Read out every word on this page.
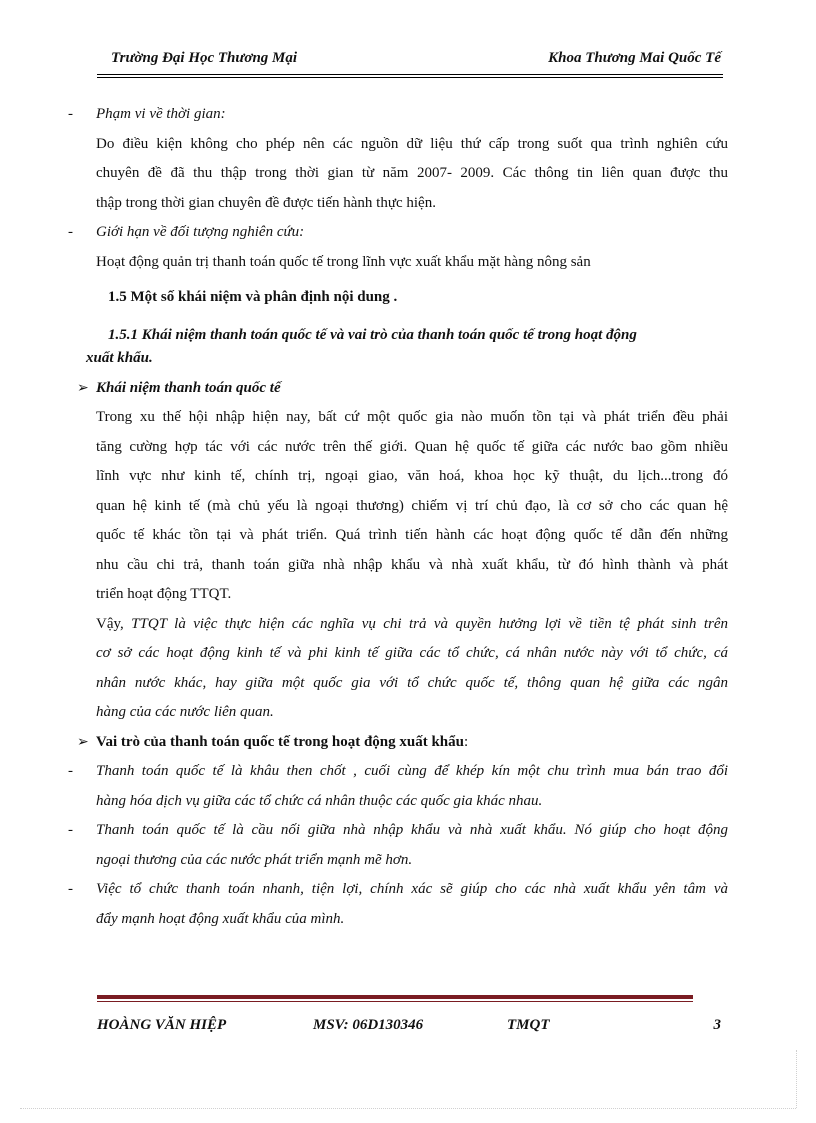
Trường Đại Học Thương Mại	Khoa Thương Mai Quốc Tế
-	Phạm vi về thời gian:
Do điều kiện không cho phép nên các nguồn dữ liệu thứ cấp trong suốt qua trình nghiên cứu
chuyên đề đã thu thập trong thời gian từ năm 2007- 2009. Các thông tin liên quan được thu
thập trong thời gian chuyên đề được tiến hành thực hiện.
-	Giới hạn về đối tượng nghiên cứu:
Hoạt động quản trị thanh toán quốc tế trong lĩnh vực xuất khẩu mặt hàng nông sản
1.5 Một số khái niệm và phân định nội dung .
1.5.1 Khái niệm thanh toán quốc tế và vai trò của thanh toán quốc tế trong hoạt động
xuất khẩu.
➢ Khái niệm thanh toán quốc tế
Trong xu thế hội nhập hiện nay, bất cứ một quốc gia nào muốn tồn tại và phát triển đều phải
tăng cường hợp tác với các nước trên thế giới. Quan hệ quốc tế giữa các nước bao gồm nhiều
lĩnh vực như kinh tế, chính trị, ngoại giao, văn hoá, khoa học kỹ thuật, du lịch...trong đó
quan hệ kinh tế (mà chủ yếu là ngoại thương) chiếm vị trí chủ đạo, là cơ sở cho các quan hệ
quốc tế khác tồn tại và phát triển. Quá trình tiến hành các hoạt động quốc tế dẫn đến những
nhu cầu chi trả, thanh toán giữa nhà nhập khẩu và nhà xuất khẩu, từ đó hình thành và phát
triển hoạt động TTQT.
Vậy, TTQT là việc thực hiện các nghĩa vụ chi trả và quyền hưởng lợi về tiền tệ phát sinh trên
cơ sở các hoạt động kinh tế và phi kinh tế giữa các tổ chức, cá nhân nước này với tổ chức, cá
nhân nước khác, hay giữa một quốc gia với tổ chức quốc tế, thông quan hệ giữa các ngân
hàng của các nước liên quan.
➢ Vai trò của thanh toán quốc tế trong hoạt động xuất khẩu:
-	Thanh toán quốc tế là khâu then chốt , cuối cùng để khép kín một chu trình mua bán trao đổi
hàng hóa dịch vụ giữa các tổ chức cá nhân thuộc các quốc gia khác nhau.
-	Thanh toán quốc tế là cầu nối giữa nhà nhập khẩu và nhà xuất khẩu. Nó giúp cho hoạt động
ngoại thương của các nước phát triển mạnh mẽ hơn.
-	Việc tổ chức thanh toán nhanh, tiện lợi, chính xác sẽ giúp cho các nhà xuất khẩu yên tâm và
đẩy mạnh hoạt động xuất khẩu của mình.
HOÀNG VĂN HIỆP	MSV: 06D130346	TMQT	3
